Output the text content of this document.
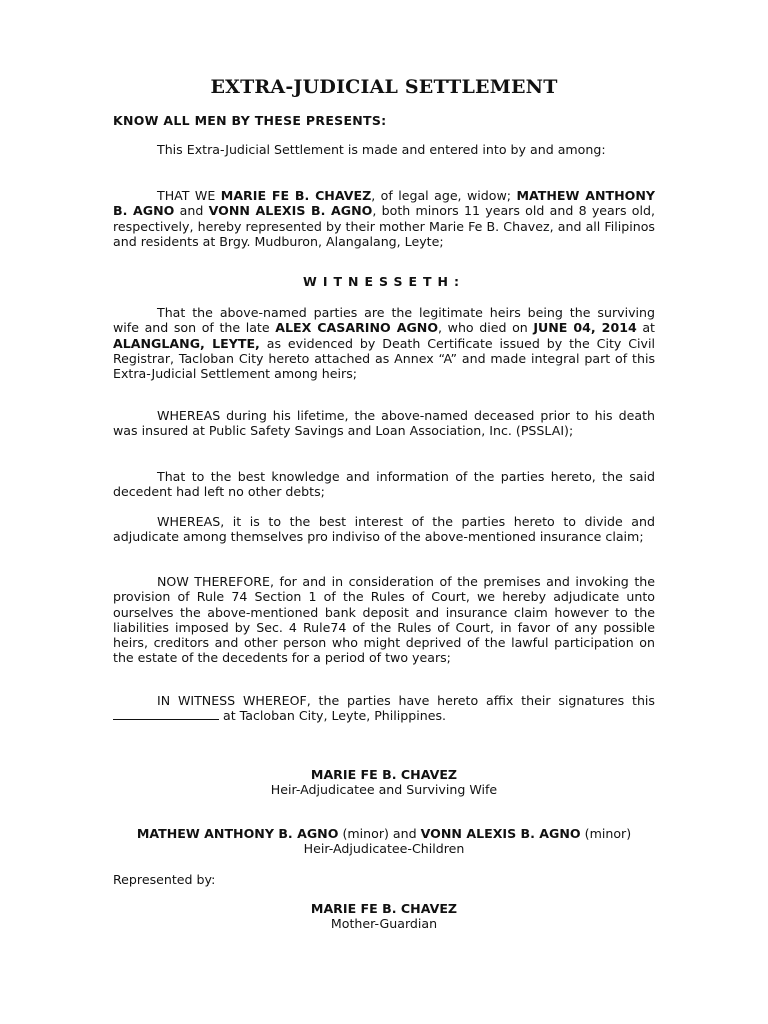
EXTRA-JUDICIAL SETTLEMENT
KNOW ALL MEN BY THESE PRESENTS:
This Extra-Judicial Settlement is made and entered into by and among:
THAT WE MARIE FE B. CHAVEZ, of legal age, widow; MATHEW ANTHONY B. AGNO and VONN ALEXIS B. AGNO, both minors 11 years old and 8 years old, respectively, hereby represented by their mother Marie Fe B. Chavez, and all Filipinos and residents at Brgy. Mudburon, Alangalang, Leyte;
WITNESSETH:
That the above-named parties are the legitimate heirs being the surviving wife and son of the late ALEX CASARINO AGNO, who died on JUNE 04, 2014 at ALANGLANG, LEYTE, as evidenced by Death Certificate issued by the City Civil Registrar, Tacloban City hereto attached as Annex “A” and made integral part of this Extra-Judicial Settlement among heirs;
WHEREAS during his lifetime, the above-named deceased prior to his death was insured at Public Safety Savings and Loan Association, Inc. (PSSLAI);
That to the best knowledge and information of the parties hereto, the said decedent had left no other debts;
WHEREAS, it is to the best interest of the parties hereto to divide and adjudicate among themselves pro indiviso of the above-mentioned insurance claim;
NOW THEREFORE, for and in consideration of the premises and invoking the provision of Rule 74 Section 1 of the Rules of Court, we hereby adjudicate unto ourselves the above-mentioned bank deposit and insurance claim however to the liabilities imposed by Sec. 4 Rule74 of the Rules of Court, in favor of any possible heirs, creditors and other person who might deprived of the lawful participation on the estate of the decedents for a period of two years;
IN WITNESS WHEREOF, the parties have hereto affix their signatures this  at Tacloban City, Leyte, Philippines.
MARIE FE B. CHAVEZ
Heir-Adjudicatee and Surviving Wife
MATHEW ANTHONY B. AGNO (minor) and VONN ALEXIS B. AGNO (minor)
Heir-Adjudicatee-Children
Represented by:
MARIE FE B. CHAVEZ
Mother-Guardian
